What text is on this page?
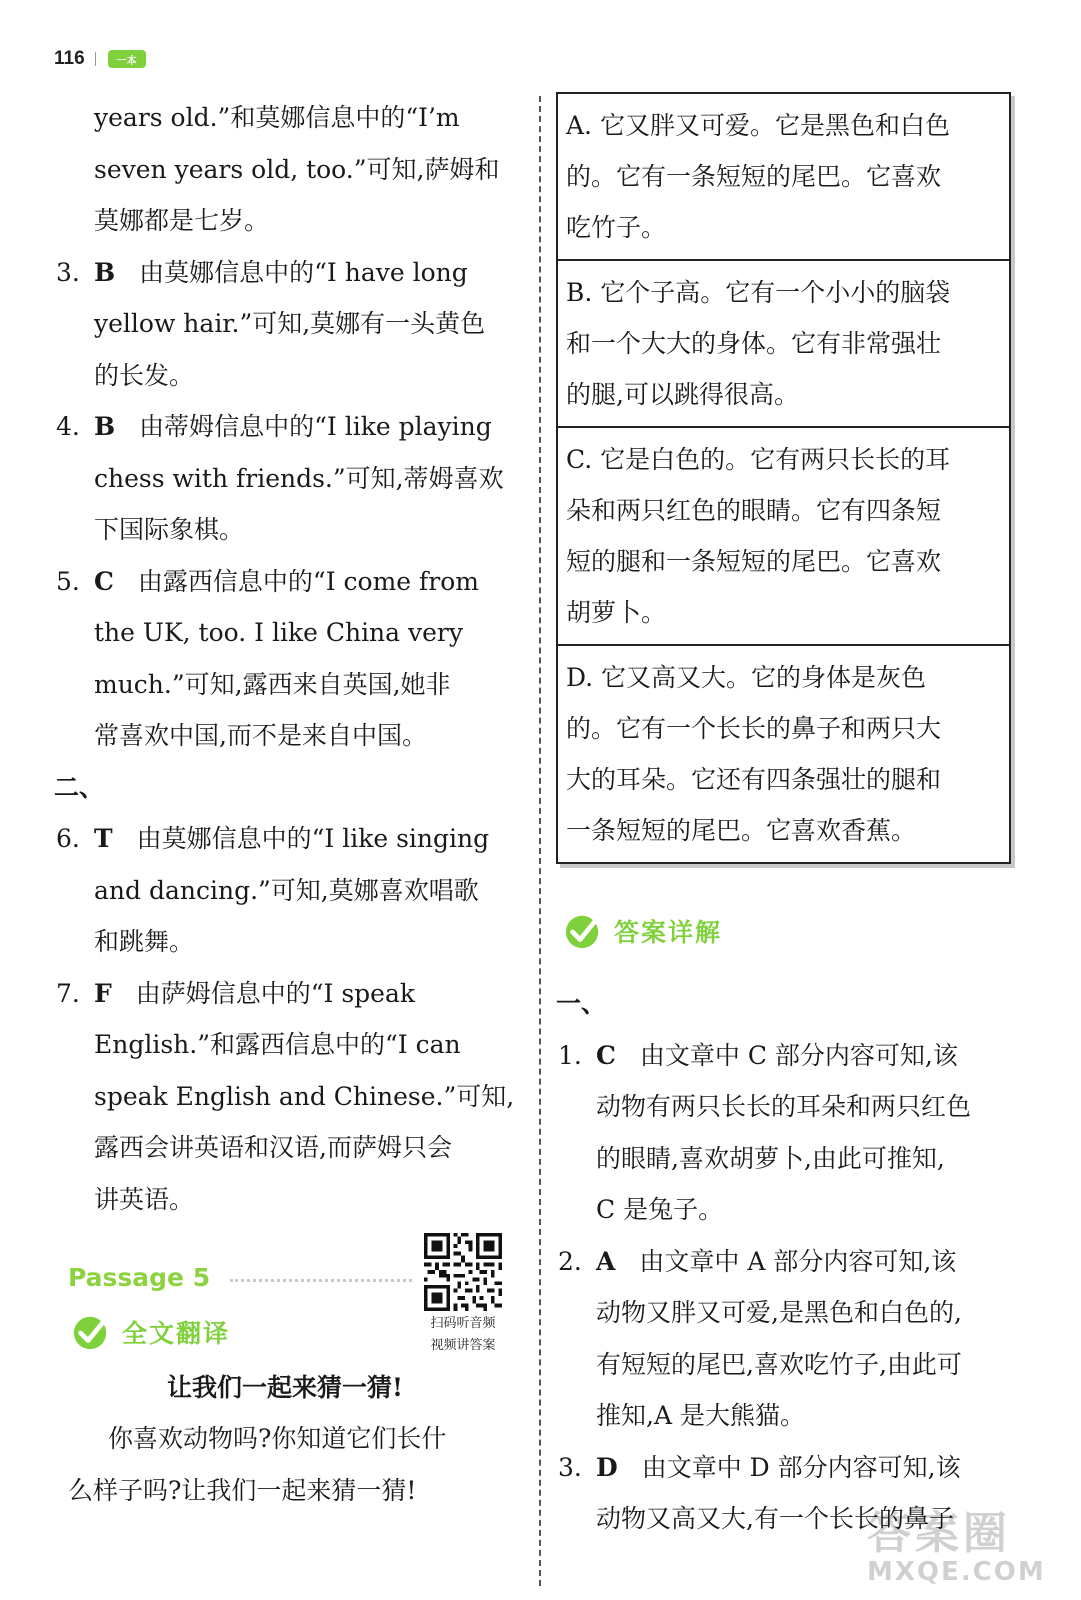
116	一本

years old.”和莫娜信息中的“I’m

seven years old, too.”可知,萨姆和

莫娜都是七岁。

3. B 由莫娜信息中的“I have long

yellow hair.”可知,莫娜有一头黄色

的长发。

4. B 由蒂姆信息中的“I like playing

chess with friends.”可知,蒂姆喜欢

下国际象棋。

5. C 由露西信息中的“I come from

the UK, too. I like China very

much.”可知,露西来自英国,她非

常喜欢中国,而不是来自中国。

二、

6. T 由莫娜信息中的“I like singing

and dancing.”可知,莫娜喜欢唱歌

和跳舞。

7. F 由萨姆信息中的“I speak

English.”和露西信息中的“I can

speak English and Chinese.”可知,

露西会讲英语和汉语,而萨姆只会

讲英语。

Passage 5
扫码听音频
视频讲答案
全文翻译

让我们一起来猜一猜!

你喜欢动物吗?你知道它们长什

么样子吗?让我们一起来猜一猜!

A. 它又胖又可爱。它是黑色和白色

的。它有一条短短的尾巴。它喜欢

吃竹子。

B. 它个子高。它有一个小小的脑袋

和一个大大的身体。它有非常强壮

的腿,可以跳得很高。

C. 它是白色的。它有两只长长的耳

朵和两只红色的眼睛。它有四条短

短的腿和一条短短的尾巴。它喜欢

胡萝卜。

D. 它又高又大。它的身体是灰色

的。它有一个长长的鼻子和两只大

大的耳朵。它还有四条强壮的腿和

一条短短的尾巴。它喜欢香蕉。

答案详解

一、

1. C 由文章中 C 部分内容可知,该

动物有两只长长的耳朵和两只红色

的眼睛,喜欢胡萝卜,由此可推知,

C 是兔子。

2. A 由文章中 A 部分内容可知,该

动物又胖又可爱,是黑色和白色的,

有短短的尾巴,喜欢吃竹子,由此可

推知,A 是大熊猫。

3. D 由文章中 D 部分内容可知,该

动物又高又大,有一个长长的鼻子

答案圈
MXQE.COM
